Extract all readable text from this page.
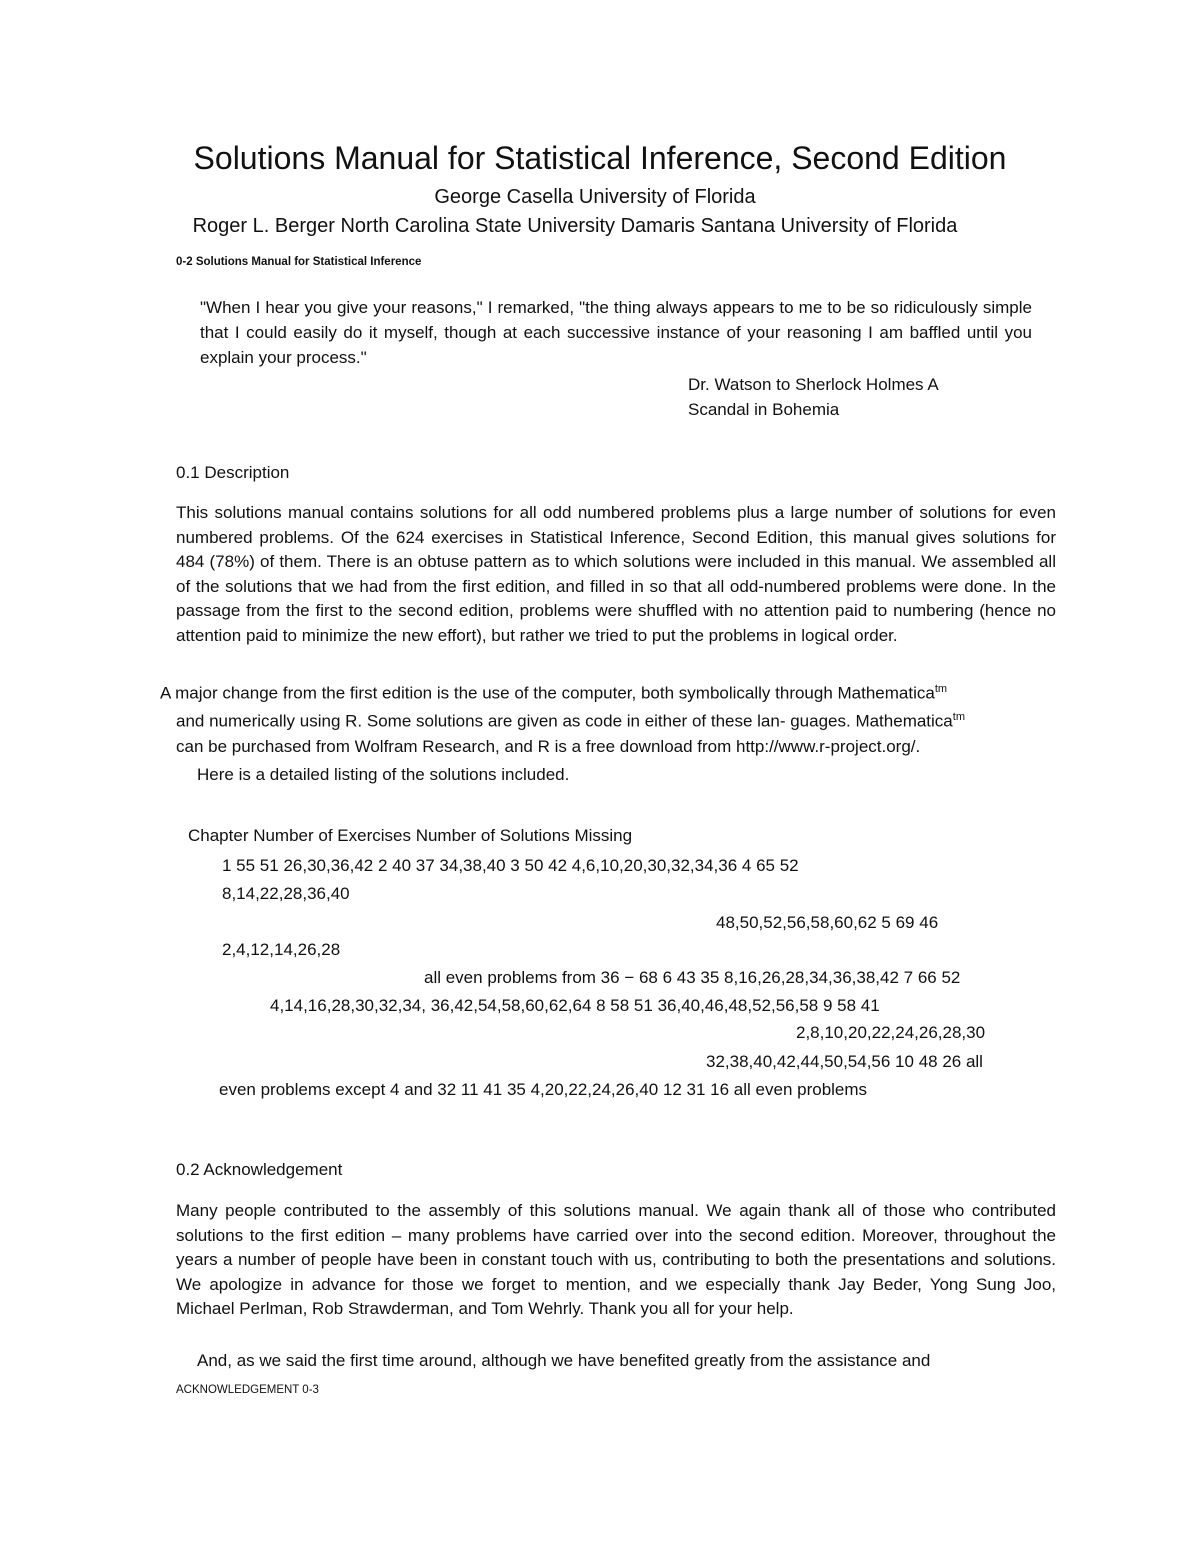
Solutions Manual for Statistical Inference, Second Edition
George Casella University of Florida
Roger L. Berger North Carolina State University Damaris Santana University of Florida
0-2 Solutions Manual for Statistical Inference
"When I hear you give your reasons," I remarked, "the thing always appears to me to be so ridiculously simple that I could easily do it myself, though at each successive instance of your reasoning I am baffled until you explain your process."
Dr. Watson to Sherlock Holmes A
Scandal in Bohemia
0.1 Description
This solutions manual contains solutions for all odd numbered problems plus a large number of solutions for even numbered problems. Of the 624 exercises in Statistical Inference, Second Edition, this manual gives solutions for 484 (78%) of them. There is an obtuse pattern as to which solutions were included in this manual. We assembled all of the solutions that we had from the first edition, and filled in so that all odd-numbered problems were done. In the passage from the first to the second edition, problems were shuffled with no attention paid to numbering (hence no attention paid to minimize the new effort), but rather we tried to put the problems in logical order.
A major change from the first edition is the use of the computer, both symbolically through Mathematica$^{tm}$
and numerically using R. Some solutions are given as code in either of these lan- guages. Mathematica$^{tm}$
can be purchased from Wolfram Research, and R is a free download from http://www.r-project.org/.
Here is a detailed listing of the solutions included.
Chapter Number of Exercises Number of Solutions Missing
1 55 51 26,30,36,42 2 40 37 34,38,40 3 50 42 4,6,10,20,30,32,34,36 4 65 52
8,14,22,28,36,40
48,50,52,56,58,60,62 5 69 46
2,4,12,14,26,28
all even problems from 36 − 68 6 43 35 8,16,26,28,34,36,38,42 7 66 52
4,14,16,28,30,32,34, 36,42,54,58,60,62,64 8 58 51 36,40,46,48,52,56,58 9 58 41
2,8,10,20,22,24,26,28,30
32,38,40,42,44,50,54,56 10 48 26 all
even problems except 4 and 32 11 41 35 4,20,22,24,26,40 12 31 16 all even problems
0.2 Acknowledgement
Many people contributed to the assembly of this solutions manual. We again thank all of those who contributed solutions to the first edition – many problems have carried over into the second edition. Moreover, throughout the years a number of people have been in constant touch with us, contributing to both the presentations and solutions. We apologize in advance for those we forget to mention, and we especially thank Jay Beder, Yong Sung Joo, Michael Perlman, Rob Strawderman, and Tom Wehrly. Thank you all for your help.
And, as we said the first time around, although we have benefited greatly from the assistance and
ACKNOWLEDGEMENT 0-3
